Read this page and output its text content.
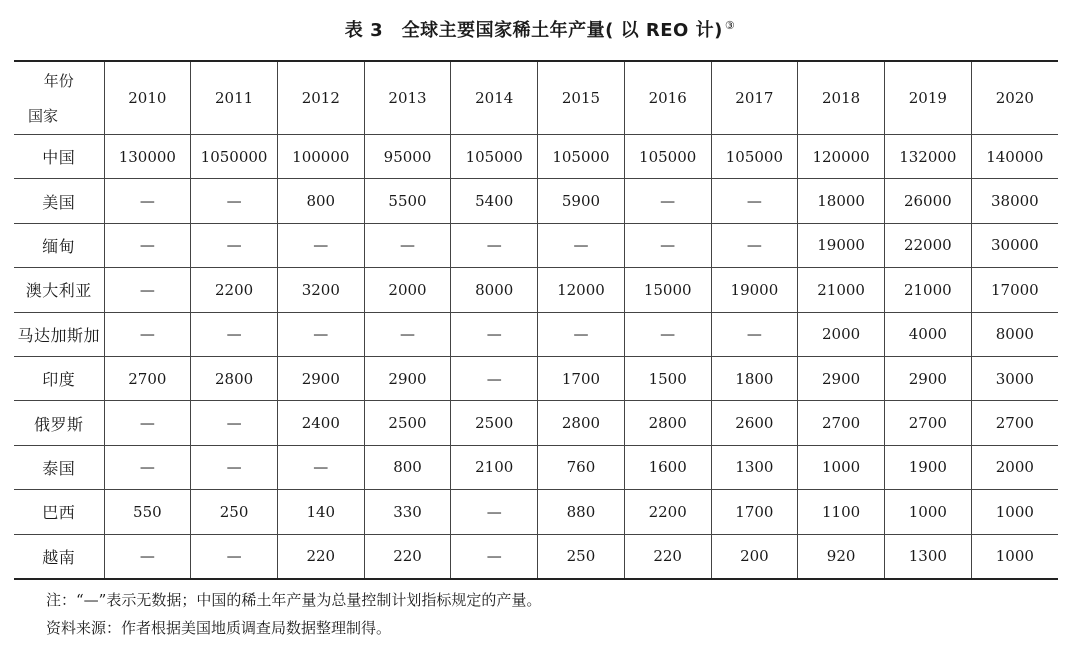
表 3　全球主要国家稀土年产量( 以 REO 计) ③
年份
国家	2010	2011	2012	2013	2014	2015	2016	2017	2018	2019	2020
中国	130000	1050000	100000	95000	105000	105000	105000	105000	120000	132000	140000
美国	—	—	800	5500	5400	5900	—	—	18000	26000	38000
缅甸	—	—	—	—	—	—	—	—	19000	22000	30000
澳大利亚	—	2200	3200	2000	8000	12000	15000	19000	21000	21000	17000
马达加斯加	—	—	—	—	—	—	—	—	2000	4000	8000
印度	2700	2800	2900	2900	—	1700	1500	1800	2900	2900	3000
俄罗斯	—	—	2400	2500	2500	2800	2800	2600	2700	2700	2700
泰国	—	—	—	800	2100	760	1600	1300	1000	1900	2000
巴西	550	250	140	330	—	880	2200	1700	1100	1000	1000
越南	—	—	220	220	—	250	220	200	920	1300	1000
注：“—”表示无数据；中国的稀土年产量为总量控制计划指标规定的产量。
资料来源：作者根据美国地质调查局数据整理制得。
